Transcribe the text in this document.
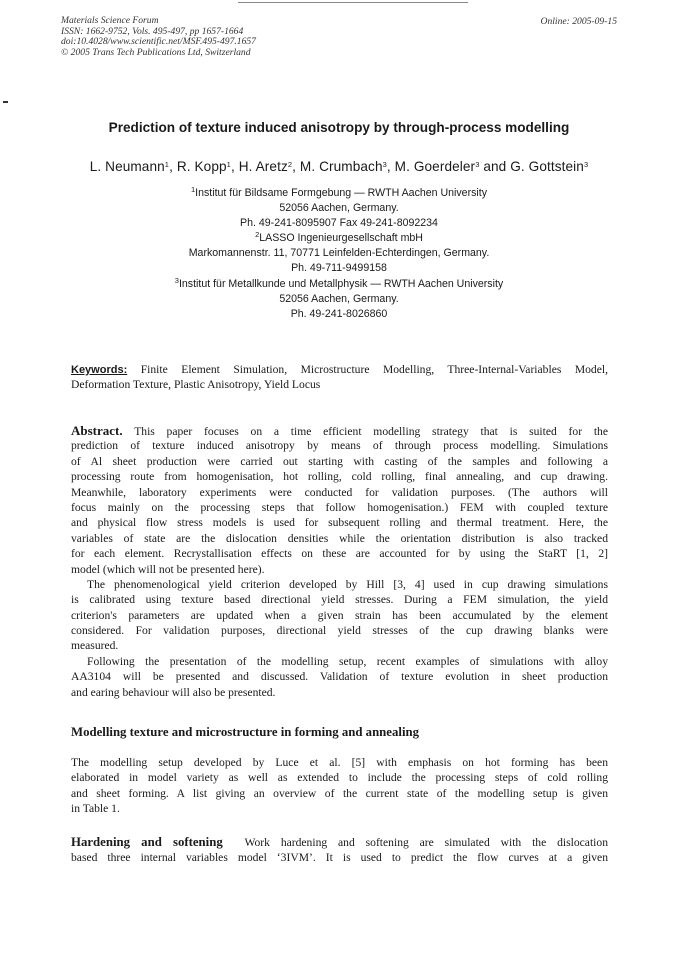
Materials Science Forum
ISSN: 1662-9752, Vols. 495-497, pp 1657-1664
doi:10.4028/www.scientific.net/MSF.495-497.1657
© 2005 Trans Tech Publications Ltd, Switzerland
Online: 2005-09-15
Prediction of texture induced anisotropy by through-process modelling
L. Neumann$^1$, R. Kopp$^1$, H. Aretz$^2$, M. Crumbach$^3$, M. Goerdeler$^3$ and G. Gottstein$^3$
$^1$Institut für Bildsame Formgebung — RWTH Aachen University
52056 Aachen, Germany.
Ph. 49-241-8095907 Fax 49-241-8092234
$^2$LASSO Ingenieurgesellschaft mbH
Markomannenstr. 11, 70771 Leinfelden-Echterdingen, Germany.
Ph. 49-711-9499158
$^3$Institut für Metallkunde und Metallphysik — RWTH Aachen University
52056 Aachen, Germany.
Ph. 49-241-8026860
Keywords: Finite Element Simulation, Microstructure Modelling, Three-Internal-Variables Model,
Deformation Texture, Plastic Anisotropy, Yield Locus
Abstract. This paper focuses on a time efficient modelling strategy that is suited for the
prediction of texture induced anisotropy by means of through process modelling. Simulations
of Al sheet production were carried out starting with casting of the samples and following a
processing route from homogenisation, hot rolling, cold rolling, final annealing, and cup drawing.
Meanwhile, laboratory experiments were conducted for validation purposes. (The authors will
focus mainly on the processing steps that follow homogenisation.) FEM with coupled texture
and physical flow stress models is used for subsequent rolling and thermal treatment. Here, the
variables of state are the dislocation densities while the orientation distribution is also tracked
for each element. Recrystallisation effects on these are accounted for by using the StaRT [1, 2]
model (which will not be presented here).
The phenomenological yield criterion developed by Hill [3, 4] used in cup drawing simulations
is calibrated using texture based directional yield stresses. During a FEM simulation, the yield
criterion's parameters are updated when a given strain has been accumulated by the element
considered. For validation purposes, directional yield stresses of the cup drawing blanks were
measured.
Following the presentation of the modelling setup, recent examples of simulations with alloy
AA3104 will be presented and discussed. Validation of texture evolution in sheet production
and earing behaviour will also be presented.
Modelling texture and microstructure in forming and annealing
The modelling setup developed by Luce et al. [5] with emphasis on hot forming has been
elaborated in model variety as well as extended to include the processing steps of cold rolling
and sheet forming. A list giving an overview of the current state of the modelling setup is given
in Table 1.
Hardening and softening Work hardening and softening are simulated with the dislocation
based three internal variables model ‘3IVM’. It is used to predict the flow curves at a given
